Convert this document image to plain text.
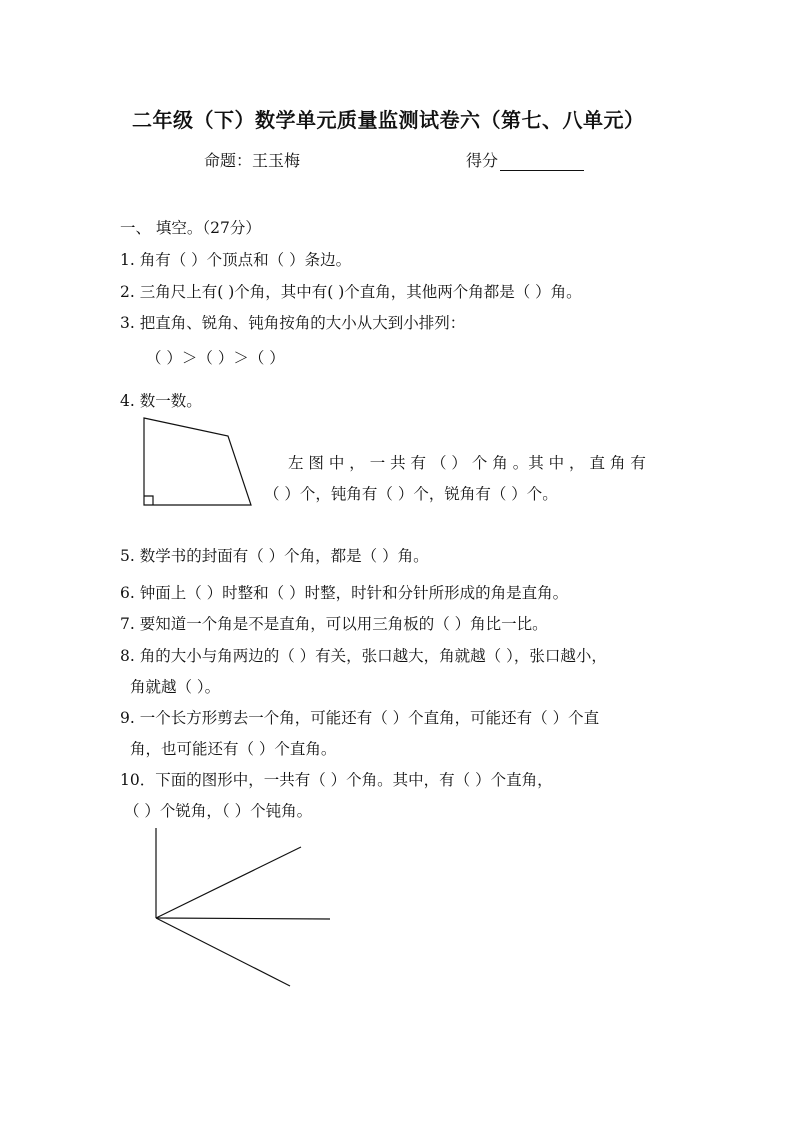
二年级（下）数学单元质量监测试卷六（第七、八单元）
命题：王玉梅	得分
一、 填空。（27分）
1. 角有（ ）个顶点和（ ）条边。
2. 三角尺上有( )个角，其中有( )个直角，其他两个角都是（ ）角。
3. 把直角、锐角、钝角按角的大小从大到小排列：
（ ）＞（ ）＞（ ）
4. 数一数。
左 图 中 ， 一 共 有 （ ） 个 角 。其 中 ， 直 角 有
（ ）个，钝角有（ ）个，锐角有（ ）个。
5. 数学书的封面有（ ）个角，都是（ ）角。
6. 钟面上（ ）时整和（ ）时整，时针和分针所形成的角是直角。
7. 要知道一个角是不是直角，可以用三角板的（ ）角比一比。
8. 角的大小与角两边的（ ）有关，张口越大，角就越（ ），张口越小，
角就越（ ）。
9. 一个长方形剪去一个角，可能还有（ ）个直角，可能还有（ ）个直
角，也可能还有（ ）个直角。
10．下面的图形中，一共有（ ）个角。其中，有（ ）个直角，
（ ）个锐角，（ ）个钝角。
